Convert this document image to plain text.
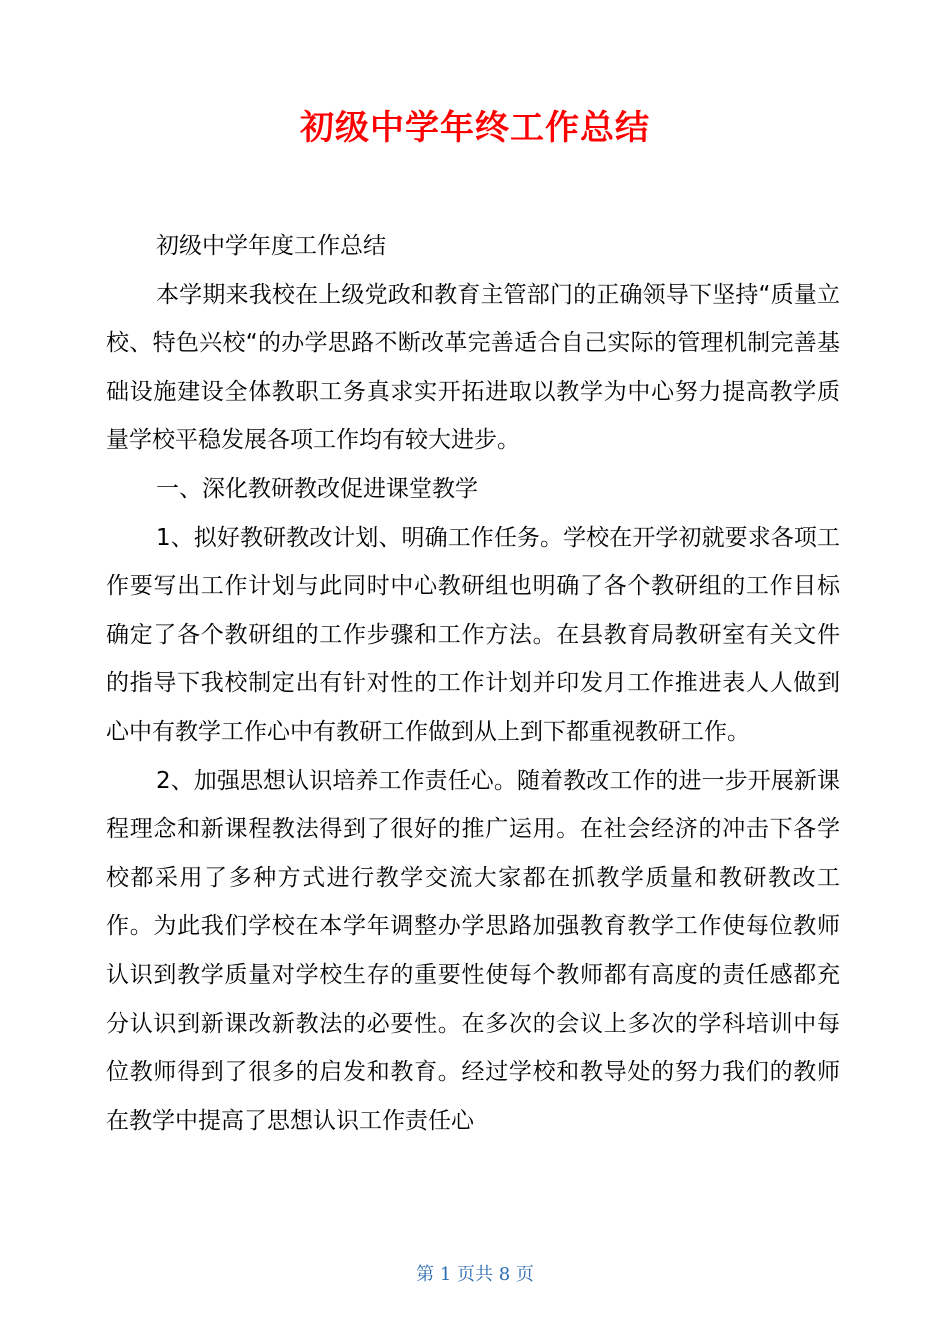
初级中学年终工作总结

初级中学年度工作总结

本学期来我校在上级党政和教育主管部门的正确领导下坚持“质量立校、特色兴校“的办学思路不断改革完善适合自己实际的管理机制完善基础设施建设全体教职工务真求实开拓进取以教学为中心努力提高教学质量学校平稳发展各项工作均有较大进步。

一、深化教研教改促进课堂教学

1、拟好教研教改计划、明确工作任务。学校在开学初就要求各项工作要写出工作计划与此同时中心教研组也明确了各个教研组的工作目标确定了各个教研组的工作步骤和工作方法。在县教育局教研室有关文件的指导下我校制定出有针对性的工作计划并印发月工作推进表人人做到心中有教学工作心中有教研工作做到从上到下都重视教研工作。

2、加强思想认识培养工作责任心。随着教改工作的进一步开展新课程理念和新课程教法得到了很好的推广运用。在社会经济的冲击下各学校都采用了多种方式进行教学交流大家都在抓教学质量和教研教改工作。为此我们学校在本学年调整办学思路加强教育教学工作使每位教师认识到教学质量对学校生存的重要性使每个教师都有高度的责任感都充分认识到新课改新教法的必要性。在多次的会议上多次的学科培训中每位教师得到了很多的启发和教育。经过学校和教导处的努力我们的教师在教学中提高了思想认识工作责任心

第 1 页共 8 页
